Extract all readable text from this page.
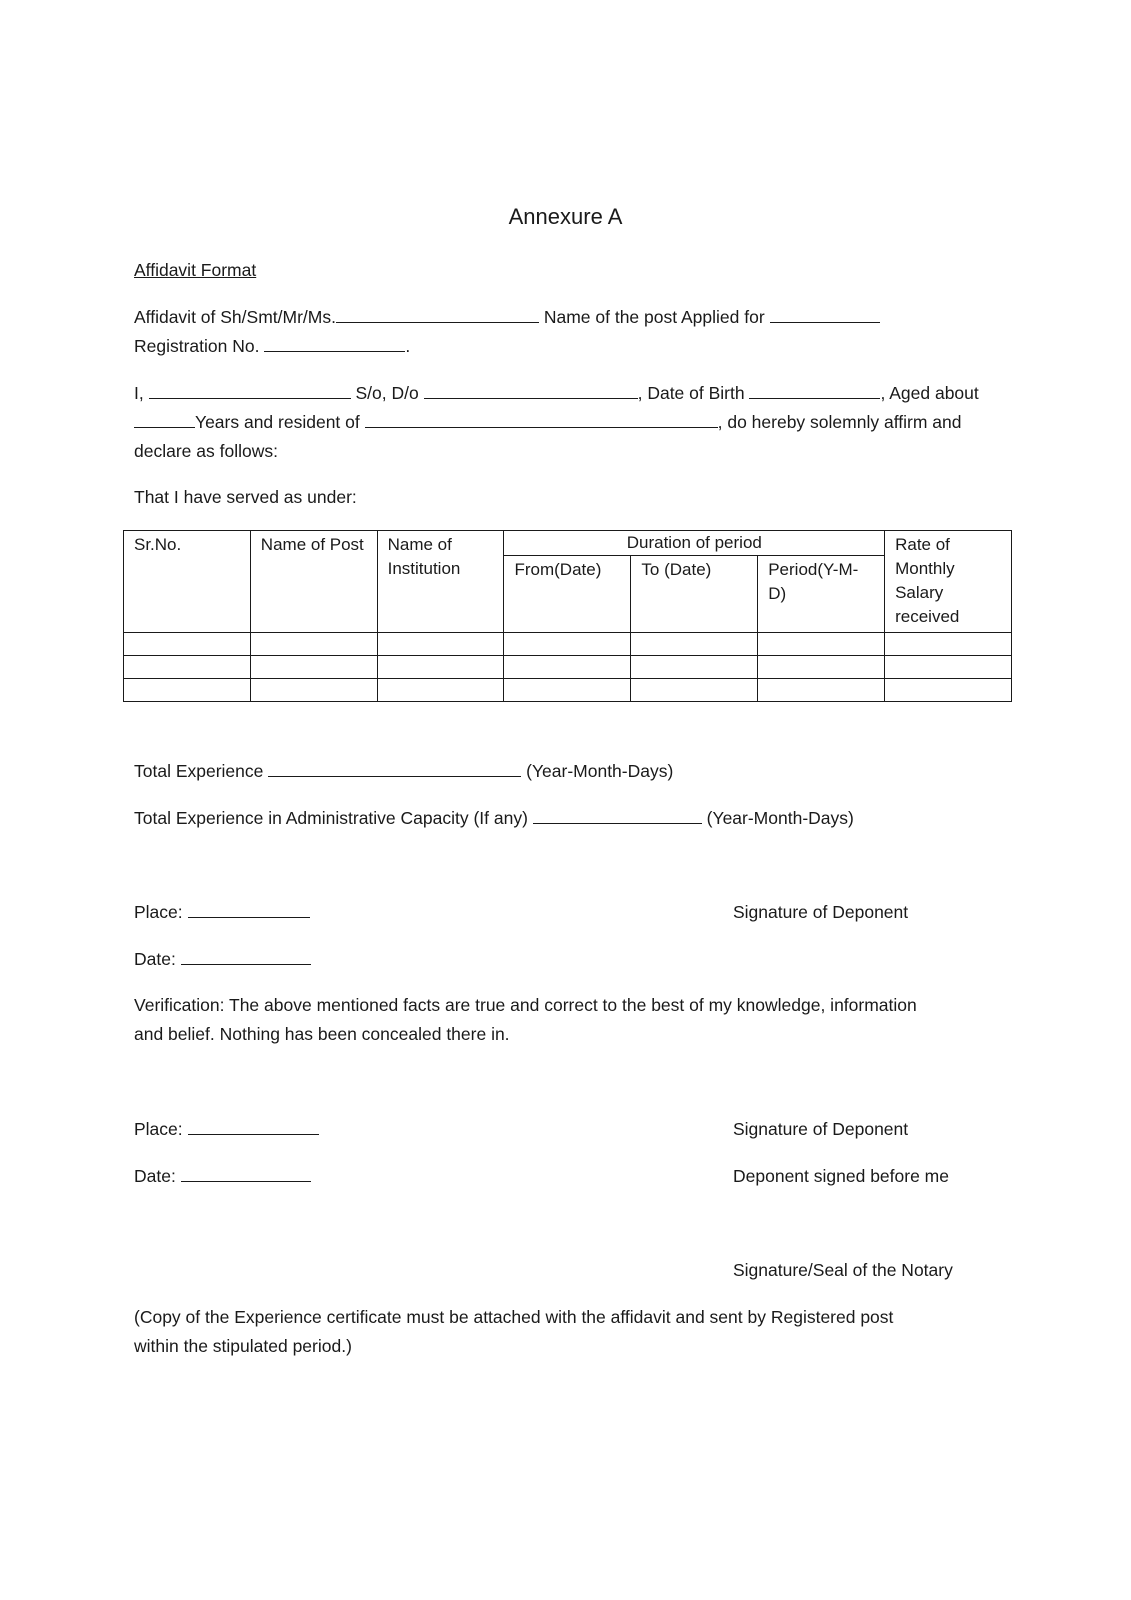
Annexure A
Affidavit Format
Affidavit of Sh/Smt/Mr/Ms.	Name of the post Applied for
Registration No.	.
I,	S/o, D/o	, Date of Birth	, Aged about
Years and resident of	, do hereby solemnly affirm and
declare as follows:
That I have served as under:
Sr.No.	Name of Post	Name of Institution	Duration of period			Rate of Monthly Salary received
			From(Date)	To (Date)	Period(Y-M-D)	

Total Experience	(Year-Month-Days)
Total Experience in Administrative Capacity (If any)	(Year-Month-Days)
Place:	Signature of Deponent
Date:
Verification: The above mentioned facts are true and correct to the best of my knowledge, information
and belief. Nothing has been concealed there in.
Place:	Signature of Deponent
Date:	Deponent signed before me
Signature/Seal of the Notary
(Copy of the Experience certificate must be attached with the affidavit and sent by Registered post
within the stipulated period.)
